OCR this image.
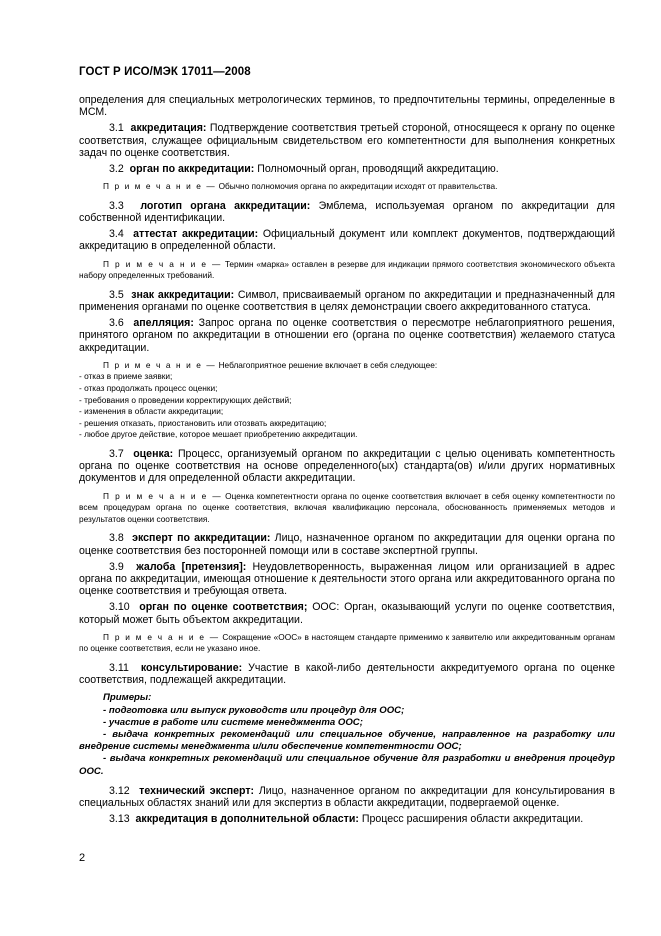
ГОСТ Р ИСО/МЭК 17011—2008

определения для специальных метрологических терминов, то предпочтительны термины, определенные в МСМ.

3.1 аккредитация: Подтверждение соответствия третьей стороной, относящееся к органу по оценке соответствия, служащее официальным свидетельством его компетентности для выполнения конкретных задач по оценке соответствия.

3.2 орган по аккредитации: Полномочный орган, проводящий аккредитацию.

П р и м е ч а н и е — Обычно полномочия органа по аккредитации исходят от правительства.

3.3 логотип органа аккредитации: Эмблема, используемая органом по аккредитации для собственной идентификации.

3.4 аттестат аккредитации: Официальный документ или комплект документов, подтверждающий аккредитацию в определенной области.

П р и м е ч а н и е — Термин «марка» оставлен в резерве для индикации прямого соответствия экономического объекта набору определенных требований.

3.5 знак аккредитации: Символ, присваиваемый органом по аккредитации и предназначенный для применения органами по оценке соответствия в целях демонстрации своего аккредитованного статуса.

3.6 апелляция: Запрос органа по оценке соответствия о пересмотре неблагоприятного решения, принятого органом по аккредитации в отношении его (органа по оценке соответствия) желаемого статуса аккредитации.

П р и м е ч а н и е — Неблагоприятное решение включает в себя следующее:
- отказ в приеме заявки;
- отказ продолжать процесс оценки;
- требования о проведении корректирующих действий;
- изменения в области аккредитации;
- решения отказать, приостановить или отозвать аккредитацию;
- любое другое действие, которое мешает приобретению аккредитации.

3.7 оценка: Процесс, организуемый органом по аккредитации с целью оценивать компетентность органа по оценке соответствия на основе определенного(ых) стандарта(ов) и/или других нормативных документов и для определенной области аккредитации.

П р и м е ч а н и е — Оценка компетентности органа по оценке соответствия включает в себя оценку компетентности по всем процедурам органа по оценке соответствия, включая квалификацию персонала, обоснованность применяемых методов и результатов оценки соответствия.

3.8 эксперт по аккредитации: Лицо, назначенное органом по аккредитации для оценки органа по оценке соответствия без посторонней помощи или в составе экспертной группы.

3.9 жалоба [претензия]: Неудовлетворенность, выраженная лицом или организацией в адрес органа по аккредитации, имеющая отношение к деятельности этого органа или аккредитованного органа по оценке соответствия и требующая ответа.

3.10 орган по оценке соответствия; ООС: Орган, оказывающий услуги по оценке соответствия, который может быть объектом аккредитации.

П р и м е ч а н и е — Сокращение «ООС» в настоящем стандарте применимо к заявителю или аккредитованным органам по оценке соответствия, если не указано иное.

3.11 консультирование: Участие в какой-либо деятельности аккредитуемого органа по оценке соответствия, подлежащей аккредитации.

Примеры:
- подготовка или выпуск руководств или процедур для ООС;
- участие в работе или системе менеджмента ООС;
- выдача конкретных рекомендаций или специальное обучение, направленное на разработку или внедрение системы менеджмента и/или обеспечение компетентности ООС;
- выдача конкретных рекомендаций или специальное обучение для разработки и внедрения процедур ООС.

3.12 технический эксперт: Лицо, назначенное органом по аккредитации для консультирования в специальных областях знаний или для экспертиз в области аккредитации, подвергаемой оценке.

3.13 аккредитация в дополнительной области: Процесс расширения области аккредитации.

2
